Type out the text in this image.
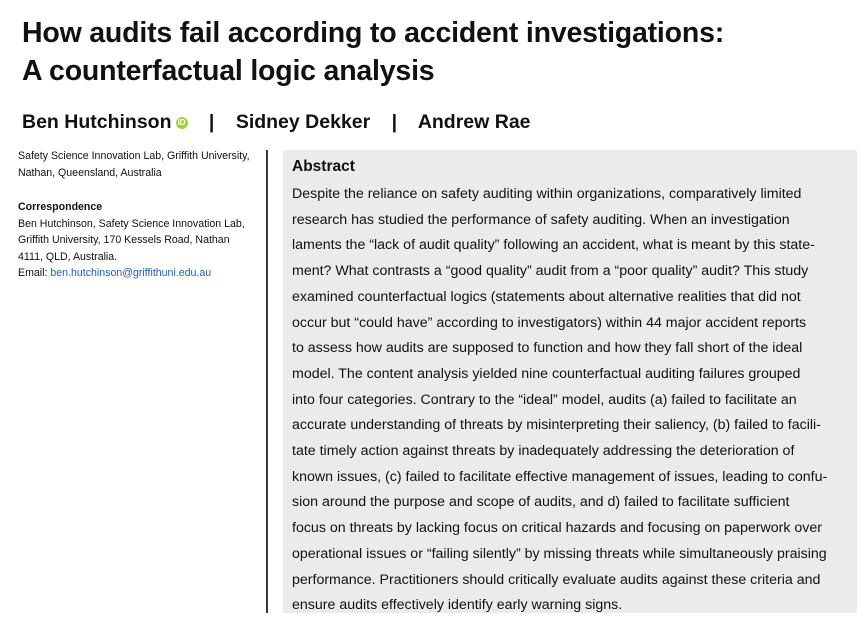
How audits fail according to accident investigations:
A counterfactual logic analysis
Ben Hutchinson iD | Sidney Dekker | Andrew Rae

Safety Science Innovation Lab, Griffith University, Nathan, Queensland, Australia

Correspondence

Ben Hutchinson, Safety Science Innovation Lab, Griffith University, 170 Kessels Road, Nathan 4111, QLD, Australia.

Email: ben.hutchinson@griffithuni.edu.au

Abstract

Despite the reliance on safety auditing within organizations, comparatively limited
research has studied the performance of safety auditing. When an investigation
laments the “lack of audit quality” following an accident, what is meant by this state-
ment? What contrasts a “good quality” audit from a “poor quality” audit? This study
examined counterfactual logics (statements about alternative realities that did not
occur but “could have” according to investigators) within 44 major accident reports
to assess how audits are supposed to function and how they fall short of the ideal
model. The content analysis yielded nine counterfactual auditing failures grouped
into four categories. Contrary to the “ideal” model, audits (a) failed to facilitate an
accurate understanding of threats by misinterpreting their saliency, (b) failed to facili-
tate timely action against threats by inadequately addressing the deterioration of
known issues, (c) failed to facilitate effective management of issues, leading to confu-
sion around the purpose and scope of audits, and d) failed to facilitate sufficient
focus on threats by lacking focus on critical hazards and focusing on paperwork over
operational issues or “failing silently” by missing threats while simultaneously praising
performance. Practitioners should critically evaluate audits against these criteria and
ensure audits effectively identify early warning signs.
